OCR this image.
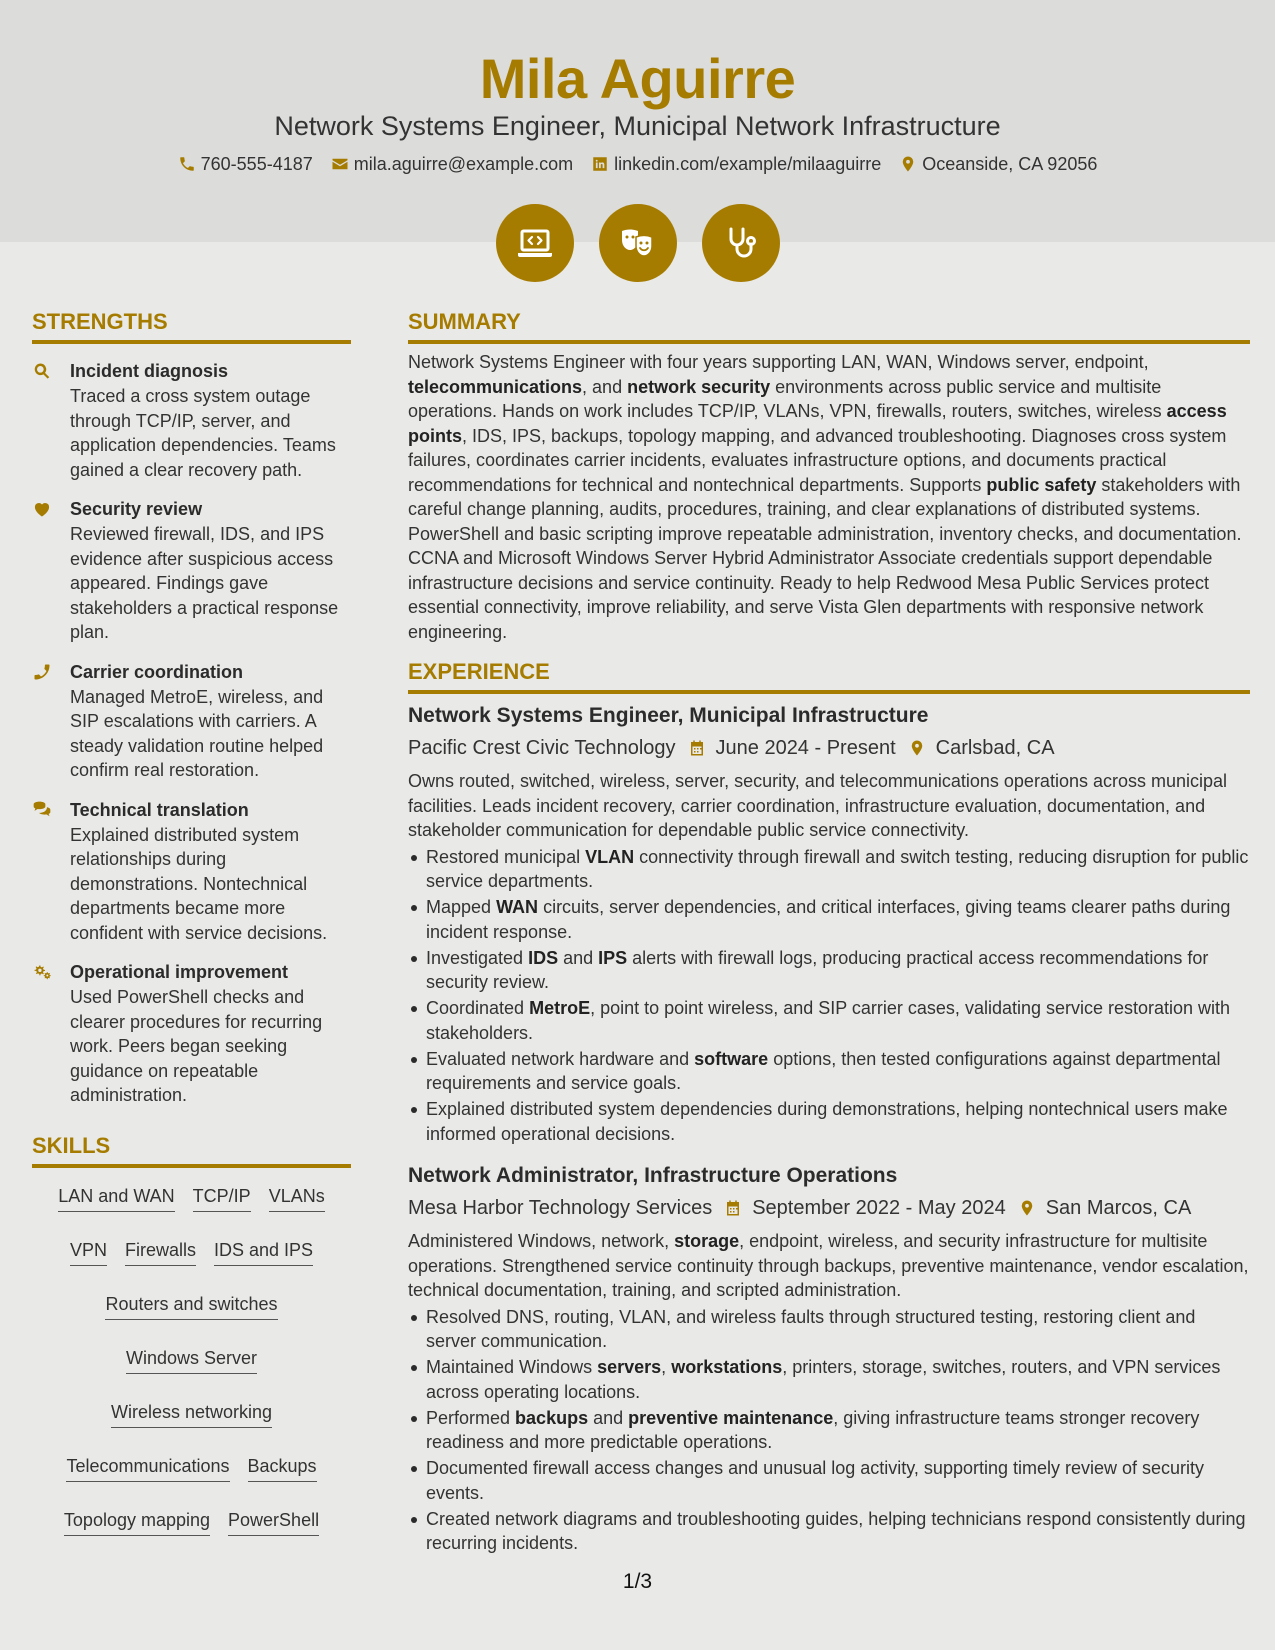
Mila Aguirre
Network Systems Engineer, Municipal Network Infrastructure
760-555-4187 mila.aguirre@example.com linkedin.com/example/milaaguirre Oceanside, CA 92056
STRENGTHS
Incident diagnosis
Traced a cross system outage through TCP/IP, server, and application dependencies. Teams gained a clear recovery path.
Security review
Reviewed firewall, IDS, and IPS evidence after suspicious access appeared. Findings gave stakeholders a practical response plan.
Carrier coordination
Managed MetroE, wireless, and SIP escalations with carriers. A steady validation routine helped confirm real restoration.
Technical translation
Explained distributed system relationships during demonstrations. Nontechnical departments became more confident with service decisions.
Operational improvement
Used PowerShell checks and clearer procedures for recurring work. Peers began seeking guidance on repeatable administration.
SKILLS
LAN and WAN TCP/IP VLANs
VPN Firewalls IDS and IPS
Routers and switches
Windows Server
Wireless networking
Telecommunications Backups
Topology mapping PowerShell
SUMMARY
Network Systems Engineer with four years supporting LAN, WAN, Windows server, endpoint, telecommunications, and network security environments across public service and multisite operations. Hands on work includes TCP/IP, VLANs, VPN, firewalls, routers, switches, wireless access points, IDS, IPS, backups, topology mapping, and advanced troubleshooting. Diagnoses cross system failures, coordinates carrier incidents, evaluates infrastructure options, and documents practical recommendations for technical and nontechnical departments. Supports public safety stakeholders with careful change planning, audits, procedures, training, and clear explanations of distributed systems. PowerShell and basic scripting improve repeatable administration, inventory checks, and documentation. CCNA and Microsoft Windows Server Hybrid Administrator Associate credentials support dependable infrastructure decisions and service continuity. Ready to help Redwood Mesa Public Services protect essential connectivity, improve reliability, and serve Vista Glen departments with responsive network engineering.
EXPERIENCE
Network Systems Engineer, Municipal Infrastructure
Pacific Crest Civic Technology June 2024 - Present Carlsbad, CA
Owns routed, switched, wireless, server, security, and telecommunications operations across municipal facilities. Leads incident recovery, carrier coordination, infrastructure evaluation, documentation, and stakeholder communication for dependable public service connectivity.
Restored municipal VLAN connectivity through firewall and switch testing, reducing disruption for public service departments.
Mapped WAN circuits, server dependencies, and critical interfaces, giving teams clearer paths during incident response.
Investigated IDS and IPS alerts with firewall logs, producing practical access recommendations for security review.
Coordinated MetroE, point to point wireless, and SIP carrier cases, validating service restoration with stakeholders.
Evaluated network hardware and software options, then tested configurations against departmental requirements and service goals.
Explained distributed system dependencies during demonstrations, helping nontechnical users make informed operational decisions.
Network Administrator, Infrastructure Operations
Mesa Harbor Technology Services September 2022 - May 2024 San Marcos, CA
Administered Windows, network, storage, endpoint, wireless, and security infrastructure for multisite operations. Strengthened service continuity through backups, preventive maintenance, vendor escalation, technical documentation, training, and scripted administration.
Resolved DNS, routing, VLAN, and wireless faults through structured testing, restoring client and server communication.
Maintained Windows servers, workstations, printers, storage, switches, routers, and VPN services across operating locations.
Performed backups and preventive maintenance, giving infrastructure teams stronger recovery readiness and more predictable operations.
Documented firewall access changes and unusual log activity, supporting timely review of security events.
Created network diagrams and troubleshooting guides, helping technicians respond consistently during recurring incidents.
1/3
